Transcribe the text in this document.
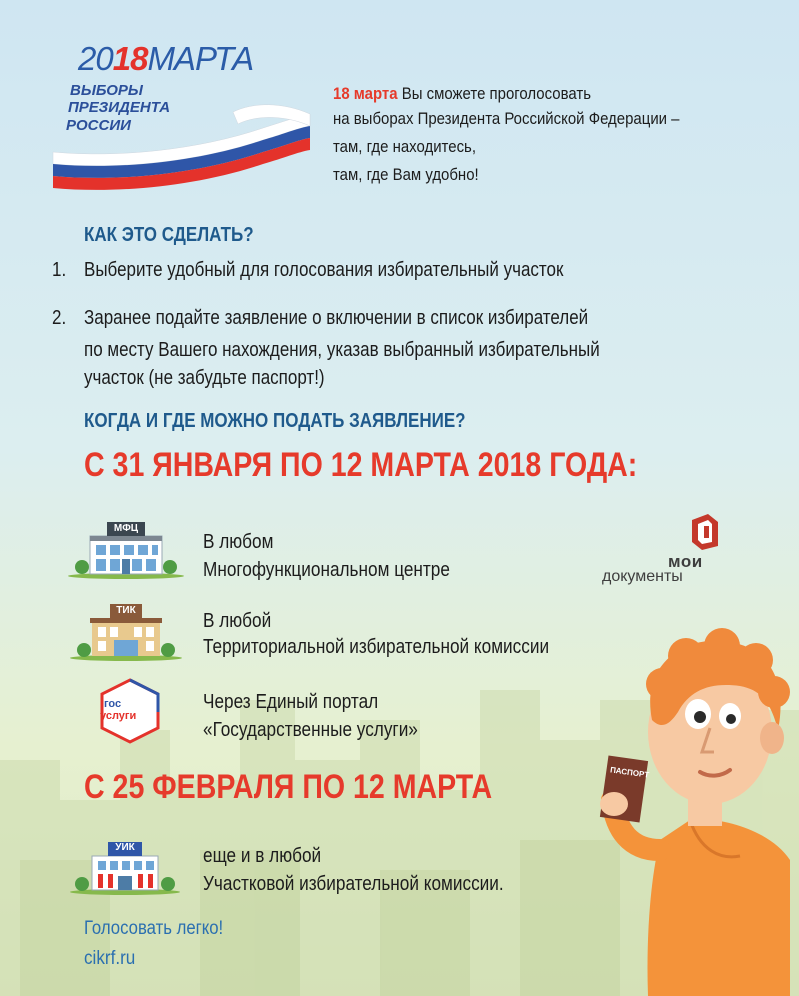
2018МАРТА
ВЫБОРЫ
ПРЕЗИДЕНТА
РОССИИ
18 марта Вы сможете проголосовать
на выборах Президента Российской Федерации –
там, где находитесь,
там, где Вам удобно!
КАК ЭТО СДЕЛАТЬ?
1. Выберите удобный для голосования избирательный участок
2. Заранее подайте заявление о включении в список избирателей
по месту Вашего нахождения, указав выбранный избирательный
участок (не забудьте паспорт!)
КОГДА И ГДЕ МОЖНО ПОДАТЬ ЗАЯВЛЕНИЕ?
С 31 ЯНВАРЯ ПО 12 МАРТА 2018 ГОДА:
МФЦ
В любом
Многофункциональном центре	мои
документы
ТИК	В любой
Территориальной избирательной комиссии
гос
услуги
Через Единый портал
«Государственные услуги»
С 25 ФЕВРАЛЯ ПО 12 МАРТА
УИК	еще и в любой
Участковой избирательной комиссии.
ПАСПОРТ
Голосовать легко!
cikrf.ru
